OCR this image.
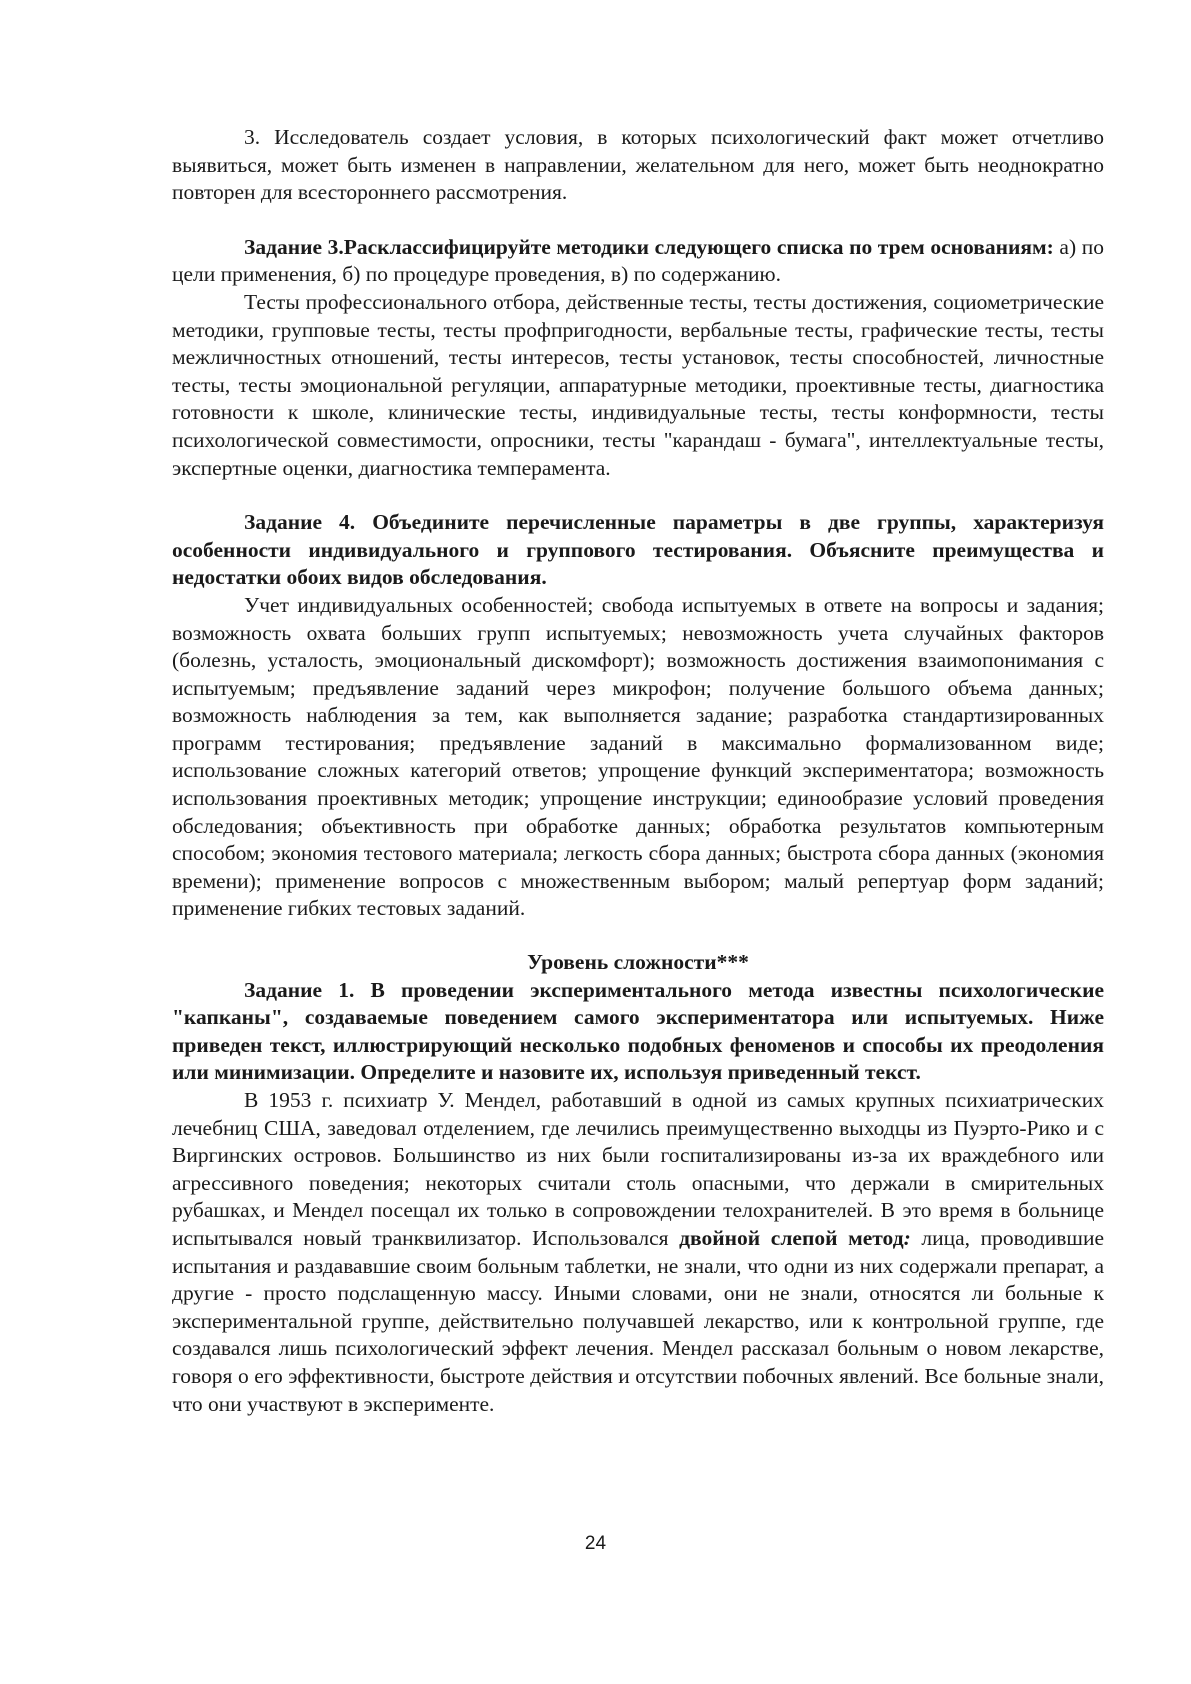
3. Исследователь создает условия, в которых психологический факт может отчетливо выявиться, может быть изменен в направлении, желательном для него, может быть неоднократно повторен для всестороннего рассмотрения.

Задание 3.Расклассифицируйте методики следующего списка по трем основаниям: а) по цели применения, б) по процедуре проведения, в) по содержанию.

Тесты профессионального отбора, действенные тесты, тесты достижения, социометрические методики, групповые тесты, тесты профпригодности, вербальные тесты, графические тесты, тесты межличностных отношений, тесты интересов, тесты установок, тесты способностей, личностные тесты, тесты эмоциональной регуляции, аппаратурные методики, проективные тесты, диагностика готовности к школе, клинические тесты, индивидуальные тесты, тесты конформности, тесты психологической совместимости, опросники, тесты "карандаш - бумага", интеллектуальные тесты, экспертные оценки, диагностика темперамента.

Задание 4. Объедините перечисленные параметры в две группы, характеризуя особенности индивидуального и группового тестирования. Объясните преимущества и недостатки обоих видов обследования.

Учет индивидуальных особенностей; свобода испытуемых в ответе на вопросы и задания; возможность охвата больших групп испытуемых; невозможность учета случайных факторов (болезнь, усталость, эмоциональный дискомфорт); возможность достижения взаимопонимания с испытуемым; предъявление заданий через микрофон; получение большого объема данных; возможность наблюдения за тем, как выполняется задание; разработка стандартизированных программ тестирования; предъявление заданий в максимально формализованном виде; использование сложных категорий ответов; упрощение функций экспериментатора; возможность использования проективных методик; упрощение инструкции; единообразие условий проведения обследования; объективность при обработке данных; обработка результатов компьютерным способом; экономия тестового материала; легкость сбора данных; быстрота сбора данных (экономия времени); применение вопросов с множественным выбором; малый репертуар форм заданий; применение гибких тестовых заданий.

Уровень сложности***

Задание 1. В проведении экспериментального метода известны психологические "капканы", создаваемые поведением самого экспериментатора или испытуемых. Ниже приведен текст, иллюстрирующий несколько подобных феноменов и способы их преодоления или минимизации. Определите и назовите их, используя приведенный текст.

В 1953 г. психиатр У. Мендел, работавший в одной из самых крупных психиатрических лечебниц США, заведовал отделением, где лечились преимущественно выходцы из Пуэрто-Рико и с Виргинских островов. Большинство из них были госпитализированы из-за их враждебного или агрессивного поведения; некоторых считали столь опасными, что держали в смирительных рубашках, и Мендел посещал их только в сопровождении телохранителей. В это время в больнице испытывался новый транквилизатор. Использовался двойной слепой метод: лица, проводившие испытания и раздававшие своим больным таблетки, не знали, что одни из них содержали препарат, а другие - просто подслащенную массу. Иными словами, они не знали, относятся ли больные к экспериментальной группе, действительно получавшей лекарство, или к контрольной группе, где создавался лишь психологический эффект лечения. Мендел рассказал больным о новом лекарстве, говоря о его эффективности, быстроте действия и отсутствии побочных явлений. Все больные знали, что они участвуют в эксперименте.

24
